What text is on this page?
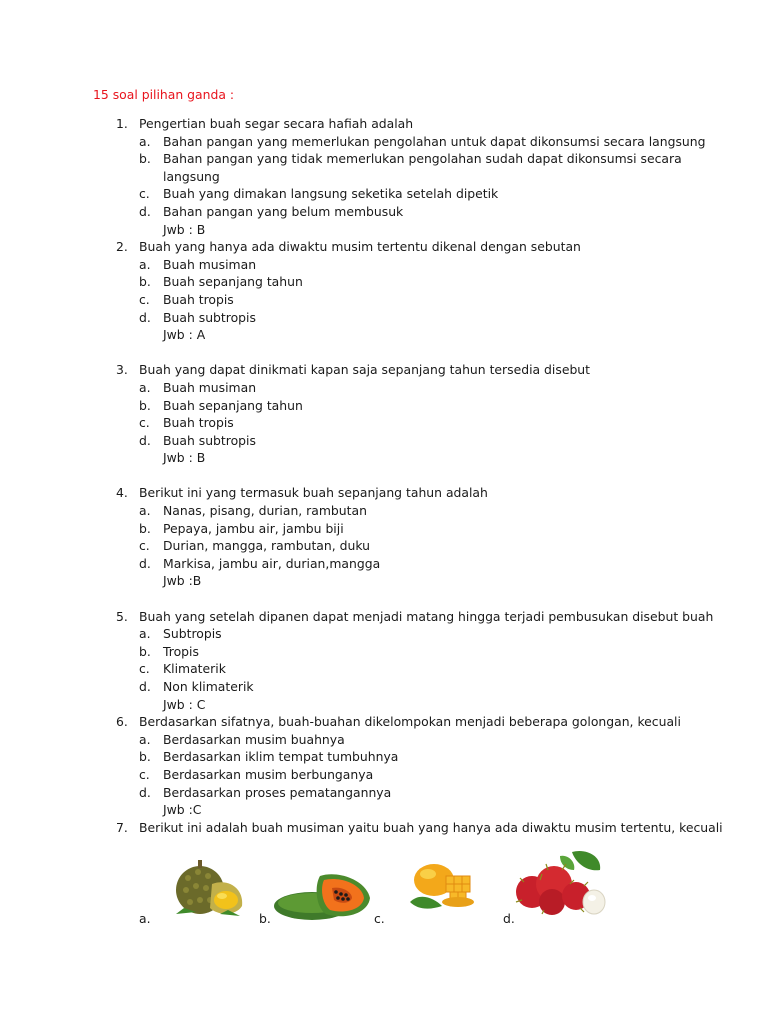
15 soal pilihan ganda :
1. Pengertian buah segar secara hafiah adalah
a. Bahan pangan yang memerlukan pengolahan untuk dapat dikonsumsi secara langsung
b. Bahan pangan yang tidak memerlukan pengolahan sudah dapat dikonsumsi secara
langsung
c. Buah yang dimakan langsung seketika setelah dipetik
d. Bahan pangan yang belum membusuk
Jwb : B
2. Buah yang hanya ada diwaktu musim tertentu dikenal dengan sebutan
a. Buah musiman
b. Buah sepanjang tahun
c. Buah tropis
d. Buah subtropis
Jwb : A
3. Buah yang dapat dinikmati kapan saja sepanjang tahun tersedia disebut
a. Buah musiman
b. Buah sepanjang tahun
c. Buah tropis
d. Buah subtropis
Jwb : B
4. Berikut ini yang termasuk buah sepanjang tahun adalah
a. Nanas, pisang, durian, rambutan
b. Pepaya, jambu air, jambu biji
c. Durian, mangga, rambutan, duku
d. Markisa, jambu air, durian,mangga
Jwb :B
5. Buah yang setelah dipanen dapat menjadi matang hingga terjadi pembusukan disebut buah
a. Subtropis
b. Tropis
c. Klimaterik
d. Non klimaterik
Jwb : C
6. Berdasarkan sifatnya, buah-buahan dikelompokan menjadi beberapa golongan, kecuali
a. Berdasarkan musim buahnya
b. Berdasarkan iklim tempat tumbuhnya
c. Berdasarkan musim berbunganya
d. Berdasarkan proses pematangannya
Jwb :C
7. Berikut ini adalah buah musiman yaitu buah yang hanya ada diwaktu musim tertentu, kecuali
a.	b.	c.	d.
